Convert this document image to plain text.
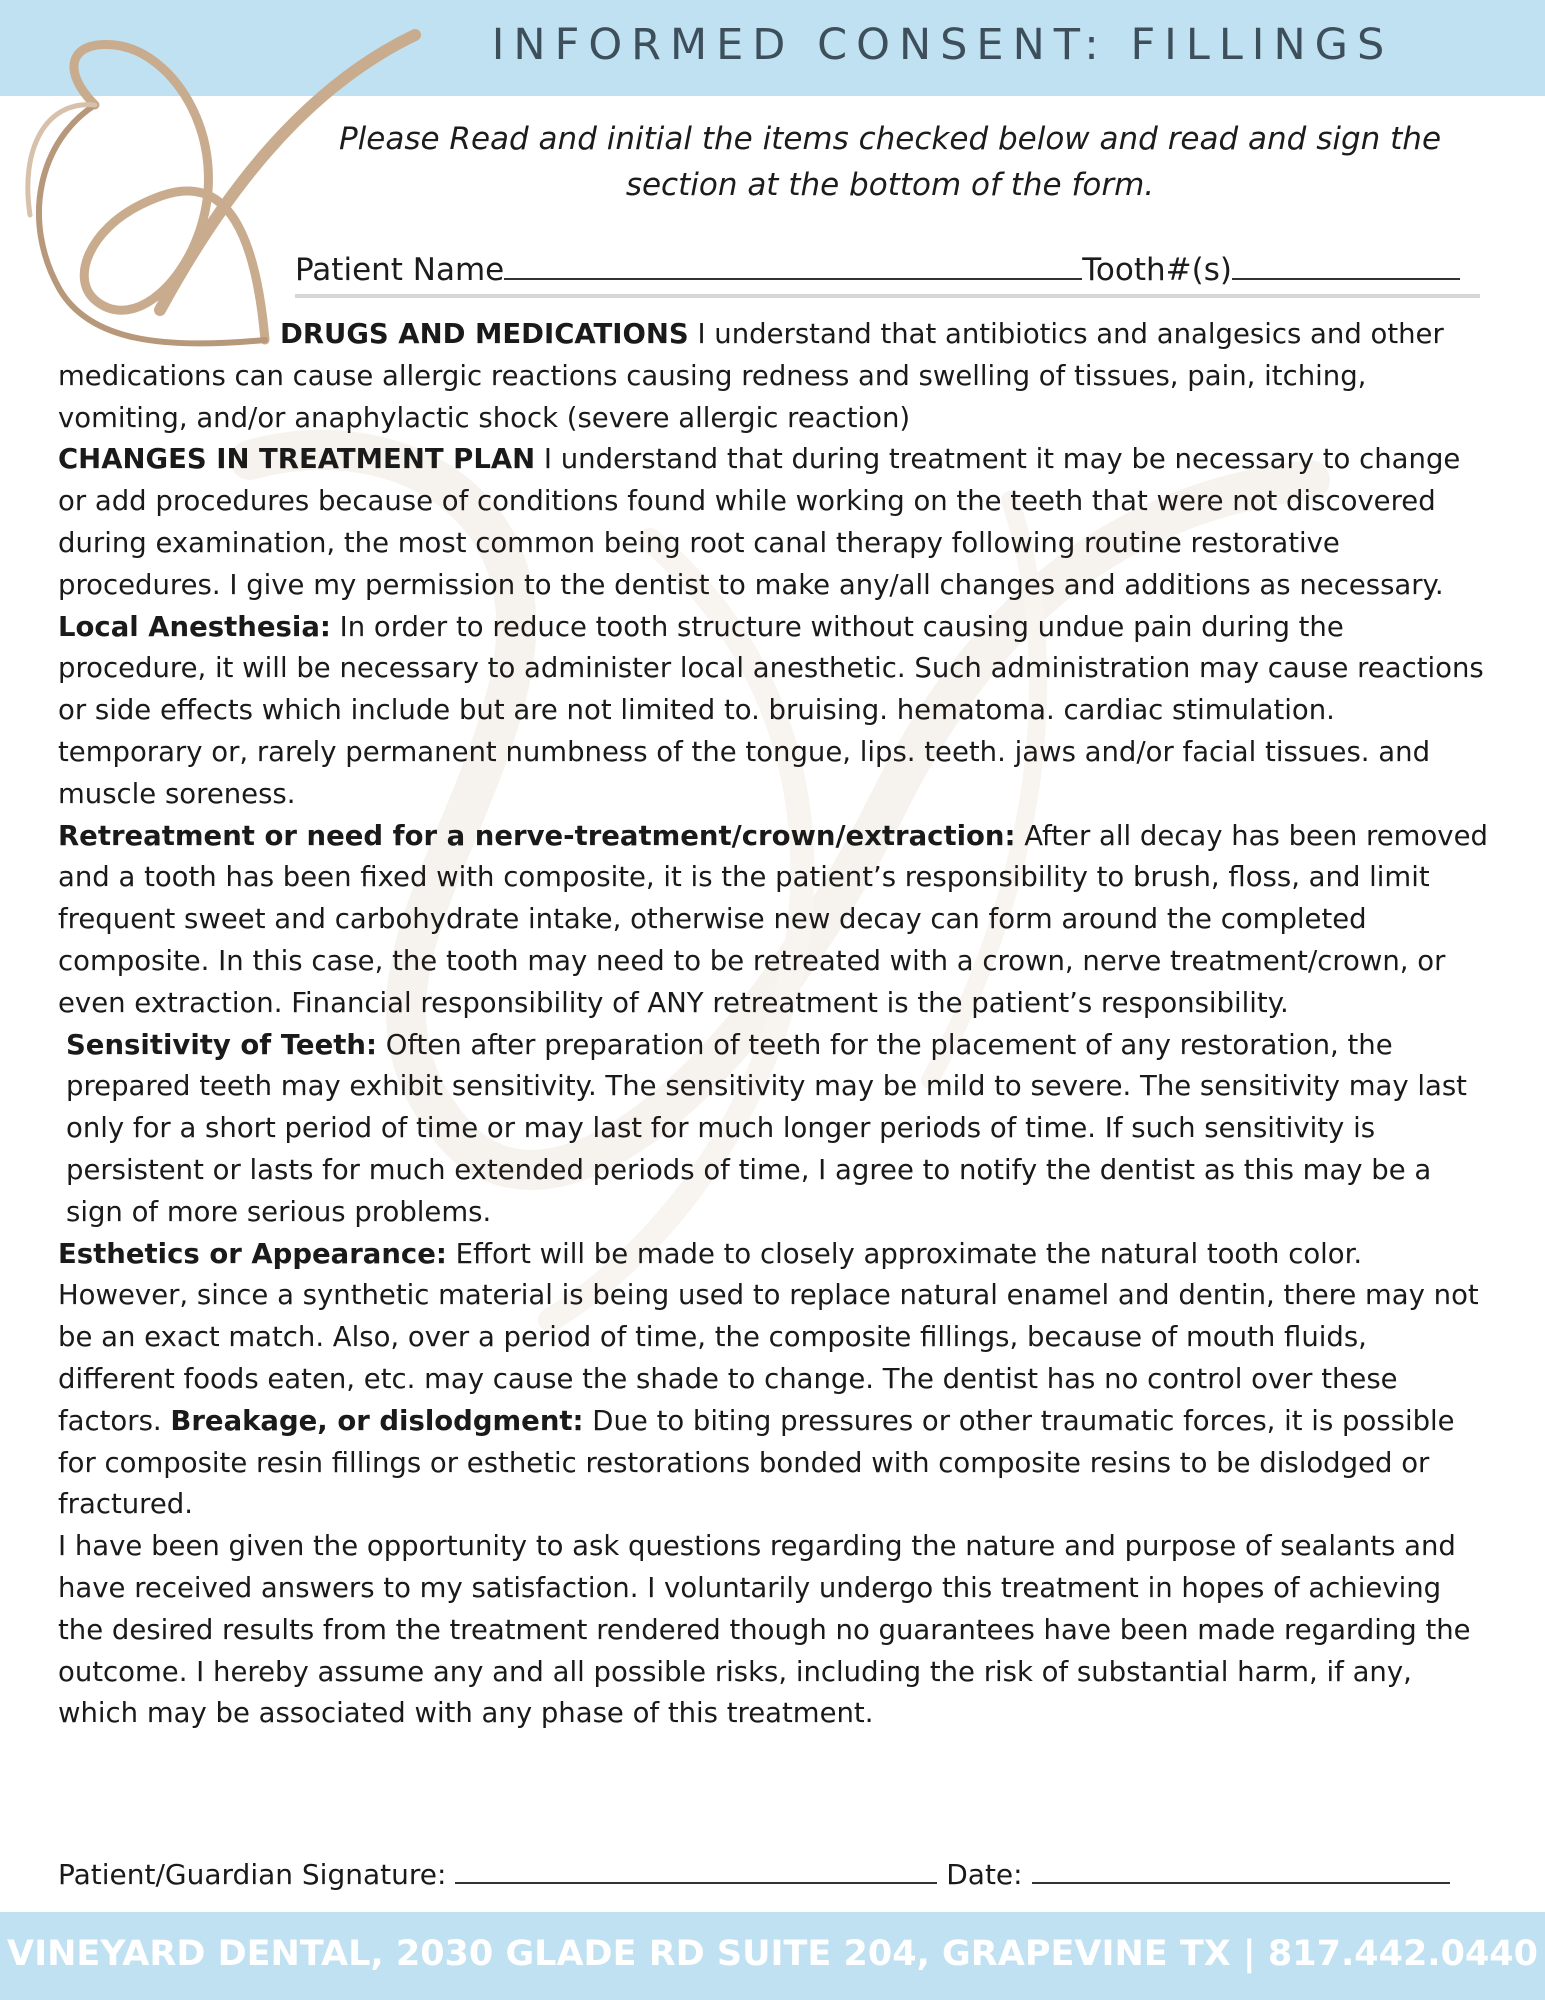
INFORMED CONSENT: FILLINGS
Please Read and initial the items checked below and read and sign the
section at the bottom of the form.
Patient Name	Tooth#(s)

DRUGS AND MEDICATIONS I understand that antibiotics and analgesics and other medications can cause allergic reactions causing redness and swelling of tissues, pain, itching, vomiting, and/or anaphylactic shock (severe allergic reaction)

CHANGES IN TREATMENT PLAN I understand that during treatment it may be necessary to change or add procedures because of conditions found while working on the teeth that were not discovered during examination, the most common being root canal therapy following routine restorative procedures. I give my permission to the dentist to make any/all changes and additions as necessary.

Local Anesthesia: In order to reduce tooth structure without causing undue pain during the procedure, it will be necessary to administer local anesthetic. Such administration may cause reactions or side effects which include but are not limited to. bruising. hematoma. cardiac stimulation. temporary or, rarely permanent numbness of the tongue, lips. teeth. jaws and/or facial tissues. and muscle soreness.

Retreatment or need for a nerve-treatment/crown/extraction: After all decay has been removed and a tooth has been fixed with composite, it is the patient’s responsibility to brush, floss, and limit frequent sweet and carbohydrate intake, otherwise new decay can form around the completed composite. In this case, the tooth may need to be retreated with a crown, nerve treatment/crown, or even extraction. Financial responsibility of ANY retreatment is the patient’s responsibility.

Sensitivity of Teeth: Often after preparation of teeth for the placement of any restoration, the prepared teeth may exhibit sensitivity. The sensitivity may be mild to severe. The sensitivity may last only for a short period of time or may last for much longer periods of time. If such sensitivity is persistent or lasts for much extended periods of time, I agree to notify the dentist as this may be a sign of more serious problems.

Esthetics or Appearance: Effort will be made to closely approximate the natural tooth color. However, since a synthetic material is being used to replace natural enamel and dentin, there may not be an exact match. Also, over a period of time, the composite fillings, because of mouth fluids, different foods eaten, etc. may cause the shade to change. The dentist has no control over these factors. Breakage, or dislodgment: Due to biting pressures or other traumatic forces, it is possible for composite resin fillings or esthetic restorations bonded with composite resins to be dislodged or fractured.

I have been given the opportunity to ask questions regarding the nature and purpose of sealants and have received answers to my satisfaction. I voluntarily undergo this treatment in hopes of achieving the desired results from the treatment rendered though no guarantees have been made regarding the outcome. I hereby assume any and all possible risks, including the risk of substantial harm, if any, which may be associated with any phase of this treatment.

Patient/Guardian Signature:	Date:
VINEYARD DENTAL, 2030 GLADE RD SUITE 204, GRAPEVINE TX | 817.442.0440
